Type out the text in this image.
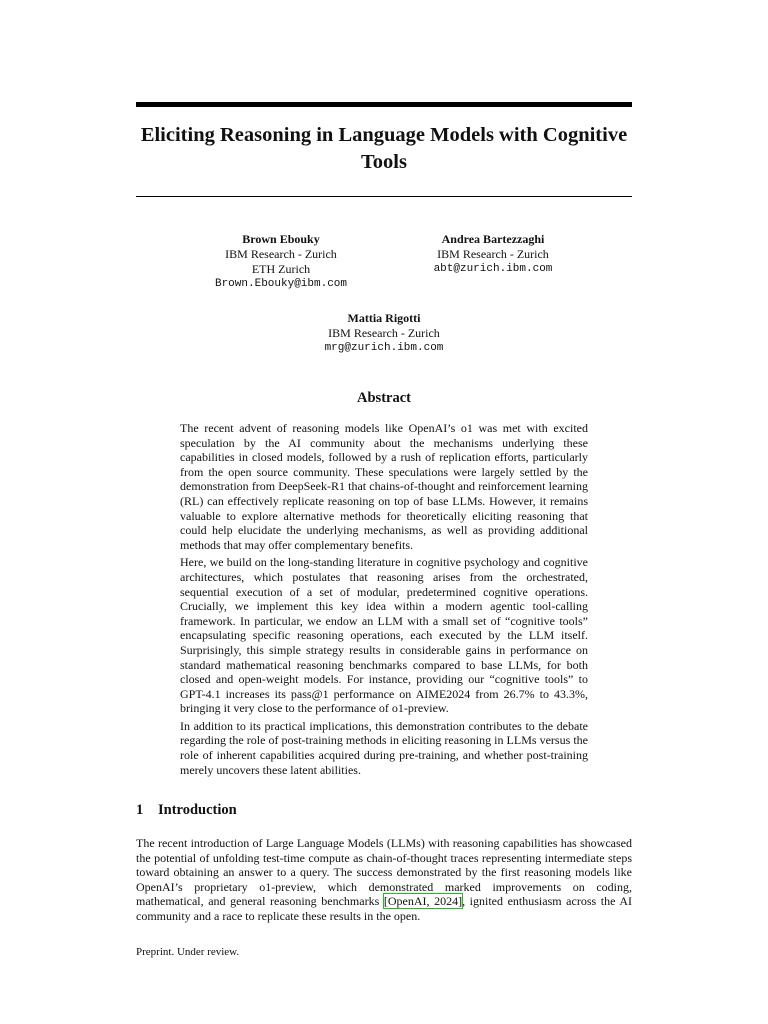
Eliciting Reasoning in Language Models with Cognitive Tools
Brown Ebouky
IBM Research - Zurich
ETH Zurich
Brown.Ebouky@ibm.com
Andrea Bartezzaghi
IBM Research - Zurich
abt@zurich.ibm.com
Mattia Rigotti
IBM Research - Zurich
mrg@zurich.ibm.com
Abstract

The recent advent of reasoning models like OpenAI’s o1 was met with excited speculation by the AI community about the mechanisms underlying these capabilities in closed models, followed by a rush of replication efforts, particularly from the open source community. These speculations were largely settled by the demonstration from DeepSeek-R1 that chains-of-thought and reinforcement learning (RL) can effectively replicate reasoning on top of base LLMs. However, it remains valuable to explore alternative methods for theoretically eliciting reasoning that could help elucidate the underlying mechanisms, as well as providing additional methods that may offer complementary benefits.

Here, we build on the long-standing literature in cognitive psychology and cognitive architectures, which postulates that reasoning arises from the orchestrated, sequential execution of a set of modular, predetermined cognitive operations. Crucially, we implement this key idea within a modern agentic tool-calling framework. In particular, we endow an LLM with a small set of “cognitive tools” encapsulating specific reasoning operations, each executed by the LLM itself. Surprisingly, this simple strategy results in considerable gains in performance on standard mathematical reasoning benchmarks compared to base LLMs, for both closed and open-weight models. For instance, providing our “cognitive tools” to GPT-4.1 increases its pass@1 performance on AIME2024 from 26.7% to 43.3%, bringing it very close to the performance of o1-preview.

In addition to its practical implications, this demonstration contributes to the debate regarding the role of post-training methods in eliciting reasoning in LLMs versus the role of inherent capabilities acquired during pre-training, and whether post-training merely uncovers these latent abilities.

1 Introduction

The recent introduction of Large Language Models (LLMs) with reasoning capabilities has showcased the potential of unfolding test-time compute as chain-of-thought traces representing intermediate steps toward obtaining an answer to a query. The success demonstrated by the first reasoning models like OpenAI’s proprietary o1-preview, which demonstrated marked improvements on coding, mathematical, and general reasoning benchmarks [OpenAI, 2024], ignited enthusiasm across the AI community and a race to replicate these results in the open.

Preprint. Under review.
